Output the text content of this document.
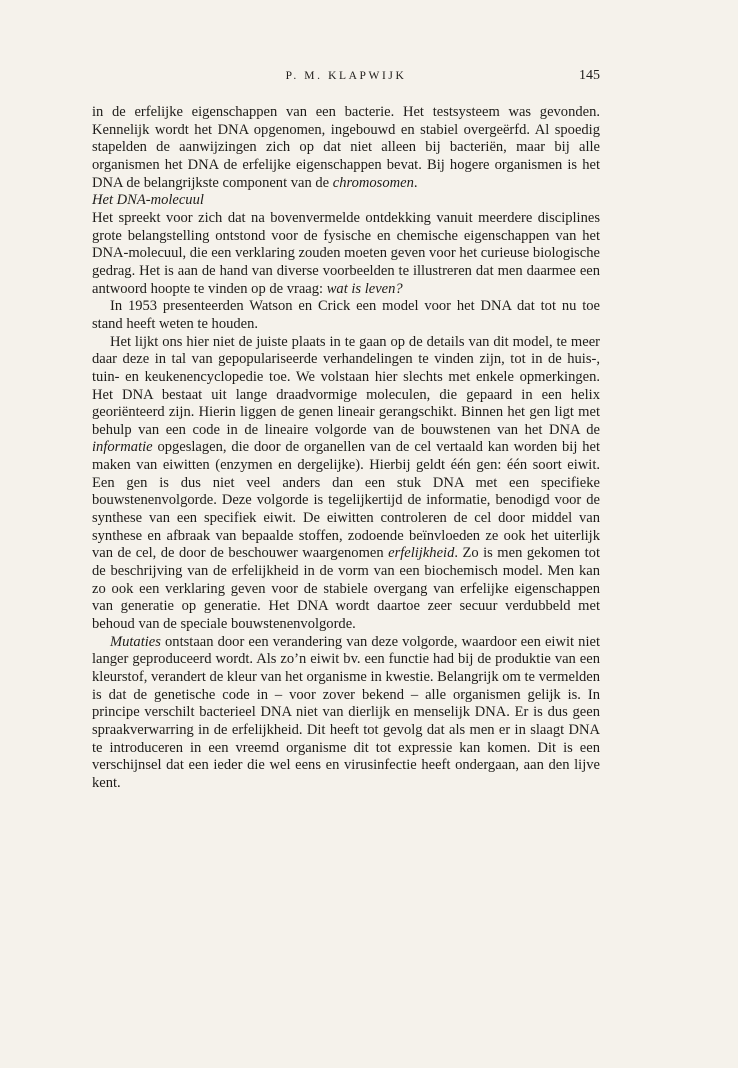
P. M. KLAPWIJK	145

in de erfelijke eigenschappen van een bacterie. Het testsysteem was gevonden. Kennelijk wordt het DNA opgenomen, ingebouwd en stabiel overgeërfd. Al spoedig stapelden de aanwijzingen zich op dat niet alleen bij bacteriën, maar bij alle organismen het DNA de erfelijke eigenschappen bevat. Bij hogere organismen is het DNA de belangrijkste component van de chromosomen.

Het DNA-molecuul

Het spreekt voor zich dat na bovenvermelde ontdekking vanuit meerdere disciplines grote belangstelling ontstond voor de fysische en chemische eigenschappen van het DNA-molecuul, die een verklaring zouden moeten geven voor het curieuse biologische gedrag. Het is aan de hand van diverse voorbeelden te illustreren dat men daarmee een antwoord hoopte te vinden op de vraag: wat is leven?

In 1953 presenteerden Watson en Crick een model voor het DNA dat tot nu toe stand heeft weten te houden.

Het lijkt ons hier niet de juiste plaats in te gaan op de details van dit model, te meer daar deze in tal van gepopulariseerde verhandelingen te vinden zijn, tot in de huis-, tuin- en keukenencyclopedie toe. We volstaan hier slechts met enkele opmerkingen. Het DNA bestaat uit lange draadvormige moleculen, die gepaard in een helix georiënteerd zijn. Hierin liggen de genen lineair gerangschikt. Binnen het gen ligt met behulp van een code in de lineaire volgorde van de bouwstenen van het DNA de informatie opgeslagen, die door de organellen van de cel vertaald kan worden bij het maken van eiwitten (enzymen en dergelijke). Hierbij geldt één gen: één soort eiwit. Een gen is dus niet veel anders dan een stuk DNA met een specifieke bouwstenenvolgorde. Deze volgorde is tegelijkertijd de informatie, benodigd voor de synthese van een specifiek eiwit. De eiwitten controleren de cel door middel van synthese en afbraak van bepaalde stoffen, zodoende beïnvloeden ze ook het uiterlijk van de cel, de door de beschouwer waargenomen erfelijkheid. Zo is men gekomen tot de beschrijving van de erfelijkheid in de vorm van een biochemisch model. Men kan zo ook een verklaring geven voor de stabiele overgang van erfelijke eigenschappen van generatie op generatie. Het DNA wordt daartoe zeer secuur verdubbeld met behoud van de speciale bouwstenenvolgorde.

Mutaties ontstaan door een verandering van deze volgorde, waardoor een eiwit niet langer geproduceerd wordt. Als zo’n eiwit bv. een functie had bij de produktie van een kleurstof, verandert de kleur van het organisme in kwestie. Belangrijk om te vermelden is dat de genetische code in – voor zover bekend – alle organismen gelijk is. In principe verschilt bacterieel DNA niet van dierlijk en menselijk DNA. Er is dus geen spraakverwarring in de erfelijkheid. Dit heeft tot gevolg dat als men er in slaagt DNA te introduceren in een vreemd organisme dit tot expressie kan komen. Dit is een verschijnsel dat een ieder die wel eens en virusinfectie heeft ondergaan, aan den lijve kent.
